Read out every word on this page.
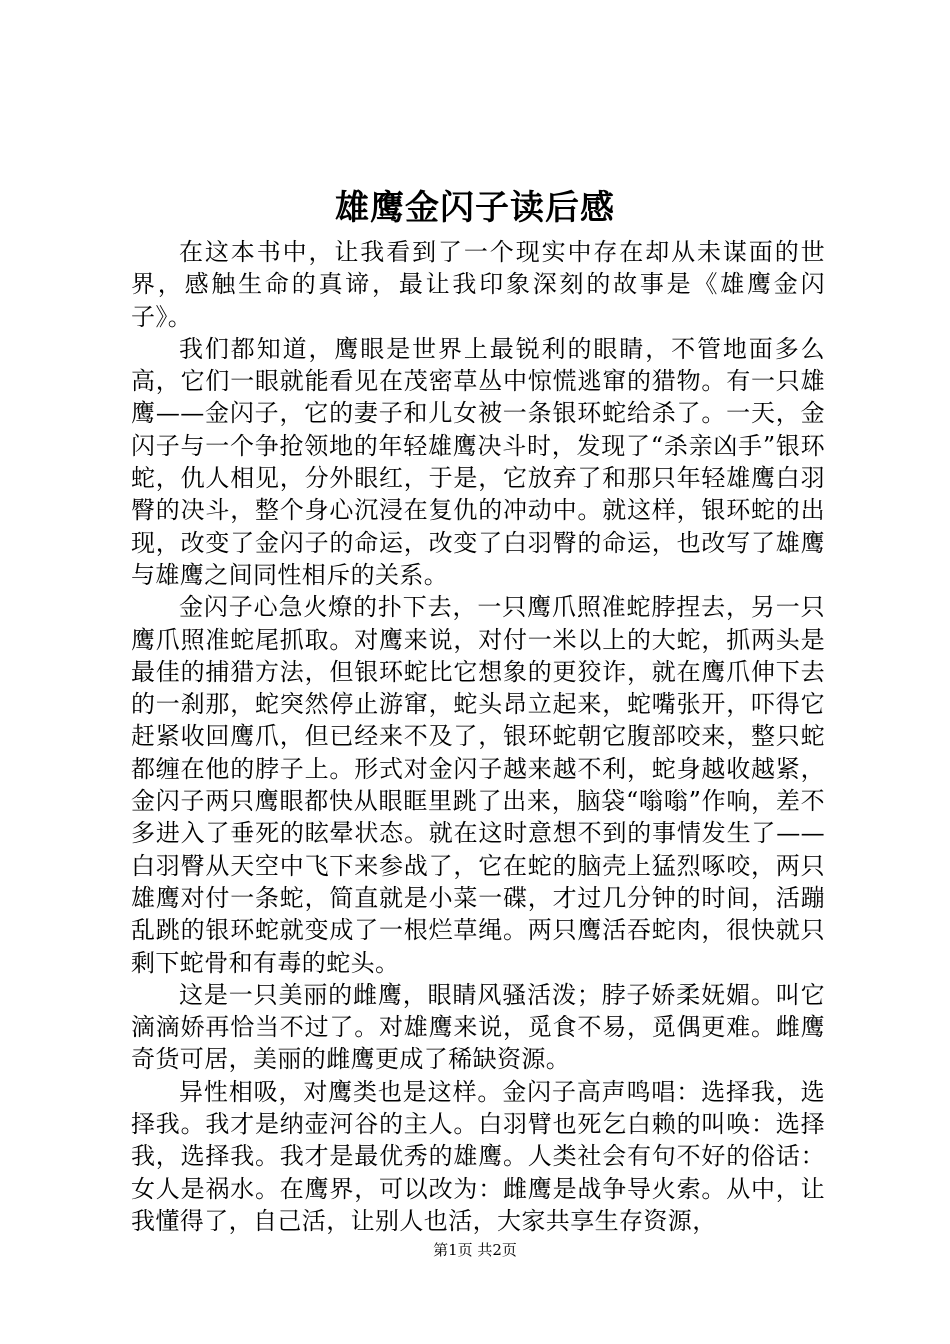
雄鹰金闪子读后感

在这本书中，让我看到了一个现实中存在却从未谋面的世界，感触生命的真谛，最让我印象深刻的故事是《雄鹰金闪子》。

我们都知道，鹰眼是世界上最锐利的眼睛，不管地面多么高，它们一眼就能看见在茂密草丛中惊慌逃窜的猎物。有一只雄鹰——金闪子，它的妻子和儿女被一条银环蛇给杀了。一天，金闪子与一个争抢领地的年轻雄鹰决斗时，发现了“杀亲凶手”银环蛇，仇人相见，分外眼红，于是，它放弃了和那只年轻雄鹰白羽臀的决斗，整个身心沉浸在复仇的冲动中。就这样，银环蛇的出现，改变了金闪子的命运，改变了白羽臀的命运，也改写了雄鹰与雄鹰之间同性相斥的关系。

金闪子心急火燎的扑下去，一只鹰爪照准蛇脖捏去，另一只鹰爪照准蛇尾抓取。对鹰来说，对付一米以上的大蛇，抓两头是最佳的捕猎方法，但银环蛇比它想象的更狡诈，就在鹰爪伸下去的一刹那，蛇突然停止游窜，蛇头昂立起来，蛇嘴张开，吓得它赶紧收回鹰爪，但已经来不及了，银环蛇朝它腹部咬来，整只蛇都缠在他的脖子上。形式对金闪子越来越不利，蛇身越收越紧，金闪子两只鹰眼都快从眼眶里跳了出来，脑袋“嗡嗡”作响，差不多进入了垂死的眩晕状态。就在这时意想不到的事情发生了——白羽臀从天空中飞下来参战了，它在蛇的脑壳上猛烈啄咬，两只雄鹰对付一条蛇，简直就是小菜一碟，才过几分钟的时间，活蹦乱跳的银环蛇就变成了一根烂草绳。两只鹰活吞蛇肉，很快就只剩下蛇骨和有毒的蛇头。

这是一只美丽的雌鹰，眼睛风骚活泼；脖子娇柔妩媚。叫它滴滴娇再恰当不过了。对雄鹰来说，觅食不易，觅偶更难。雌鹰奇货可居，美丽的雌鹰更成了稀缺资源。

异性相吸，对鹰类也是这样。金闪子高声鸣唱：选择我，选择我。我才是纳壶河谷的主人。白羽臂也死乞白赖的叫唤：选择我，选择我。我才是最优秀的雄鹰。人类社会有句不好的俗话：女人是祸水。在鹰界，可以改为：雌鹰是战争导火索。从中，让我懂得了，自己活，让别人也活，大家共享生存资源，

第1页 共2页
